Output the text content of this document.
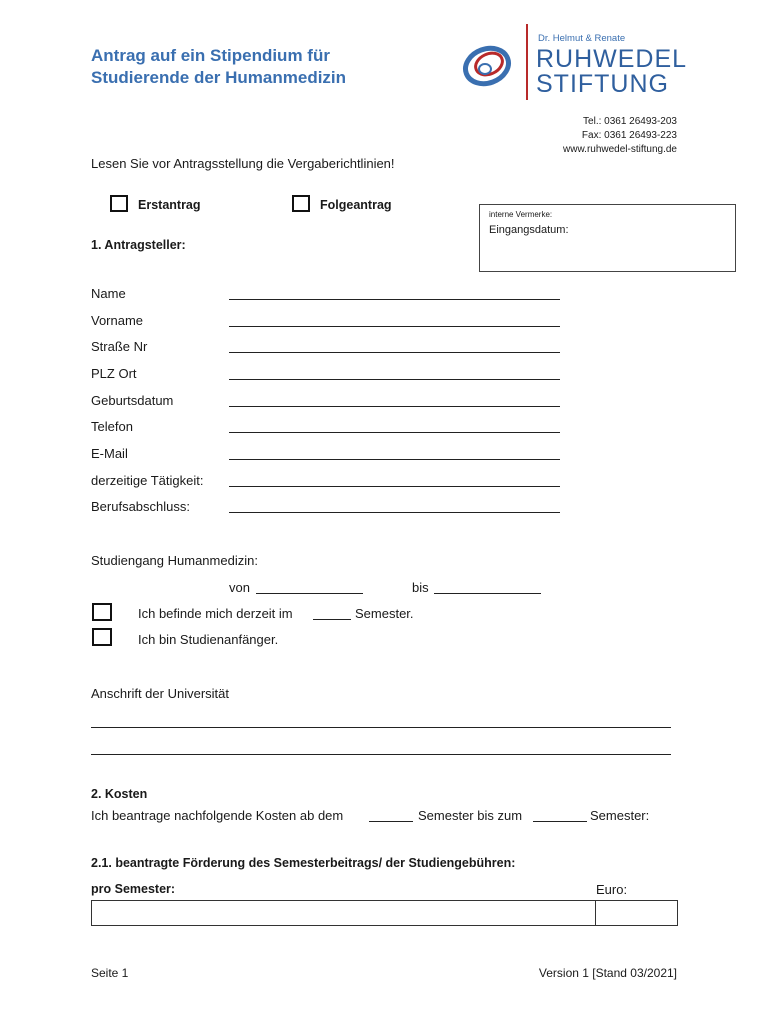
Antrag auf ein Stipendium für
Studierende der Humanmedizin
Dr. Helmut & Renate
RUHWEDEL
STIFTUNG
Tel.: 0361 26493-203
Fax: 0361 26493-223
www.ruhwedel-stiftung.de
Lesen Sie vor Antragsstellung die Vergaberichtlinien!
Erstantrag	Folgeantrag
interne Vermerke:
Eingangsdatum:
1. Antragsteller:
Name
Vorname
Straße Nr
PLZ Ort
Geburtsdatum
Telefon
E-Mail
derzeitige Tätigkeit:
Berufsabschluss:
Studiengang Humanmedizin:
von	bis
Ich befinde mich derzeit im	Semester.
Ich bin Studienanfänger.
Anschrift der Universität
2. Kosten
Ich beantrage nachfolgende Kosten ab dem	Semester bis zum	Semester:
2.1. beantragte Förderung des Semesterbeitrags/ der Studiengebühren:
pro Semester:	Euro:
Seite 1	Version 1 [Stand 03/2021]
